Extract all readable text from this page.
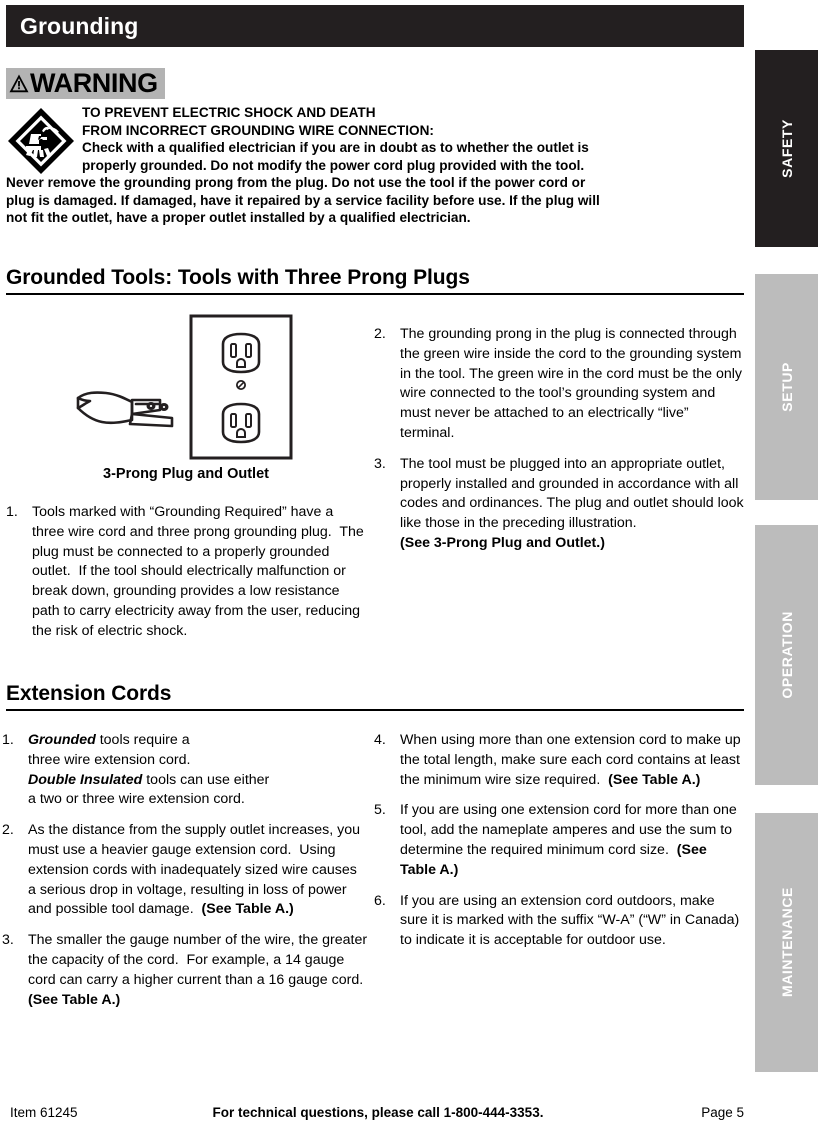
Grounding
SAFETY
SETUP
OPERATION
MAINTENANCE
WARNING

TO PREVENT ELECTRIC SHOCK AND DEATH

FROM INCORRECT GROUNDING WIRE CONNECTION:

Check with a qualified electrician if you are in doubt as to whether the outlet is

properly grounded. Do not modify the power cord plug provided with the tool.

Never remove the grounding prong from the plug. Do not use the tool if the power cord or

plug is damaged. If damaged, have it repaired by a service facility before use. If the plug will

not fit the outlet, have a proper outlet installed by a qualified electrician.

Grounded Tools: Tools with Three Prong Plugs
3-Prong Plug and Outlet
1. Tools marked with “Grounding Required” have a three wire cord and three prong grounding plug.  The plug must be connected to a properly grounded outlet.  If the tool should electrically malfunction or break down, grounding provides a low resistance path to carry electricity away from the user, reducing the risk of electric shock.
2. The grounding prong in the plug is connected through the green wire inside the cord to the grounding system in the tool. The green wire in the cord must be the only wire connected to the tool’s grounding system and must never be attached to an electrically “live” terminal.
3. The tool must be plugged into an appropriate outlet, properly installed and grounded in accordance with all codes and ordinances. The plug and outlet should look like those in the preceding illustration.
(See 3-Prong Plug and Outlet.)
Extension Cords
1. Grounded tools require a
three wire extension cord.
Double Insulated tools can use either
a two or three wire extension cord.
2. As the distance from the supply outlet increases, you must use a heavier gauge extension cord.  Using extension cords with inadequately sized wire causes a serious drop in voltage, resulting in loss of power and possible tool damage.  (See Table A.)
3. The smaller the gauge number of the wire, the greater the capacity of the cord.  For example, a 14 gauge cord can carry a higher current than a 16 gauge cord.  (See Table A.)
4. When using more than one extension cord to make up the total length, make sure each cord contains at least the minimum wire size required.  (See Table A.)
5. If you are using one extension cord for more than one tool, add the nameplate amperes and use the sum to determine the required minimum cord size.  (See Table A.)
6. If you are using an extension cord outdoors, make sure it is marked with the suffix “W-A” (“W” in Canada) to indicate it is acceptable for outdoor use.
Item 61245	For technical questions, please call 1-800-444-3353.	Page 5
